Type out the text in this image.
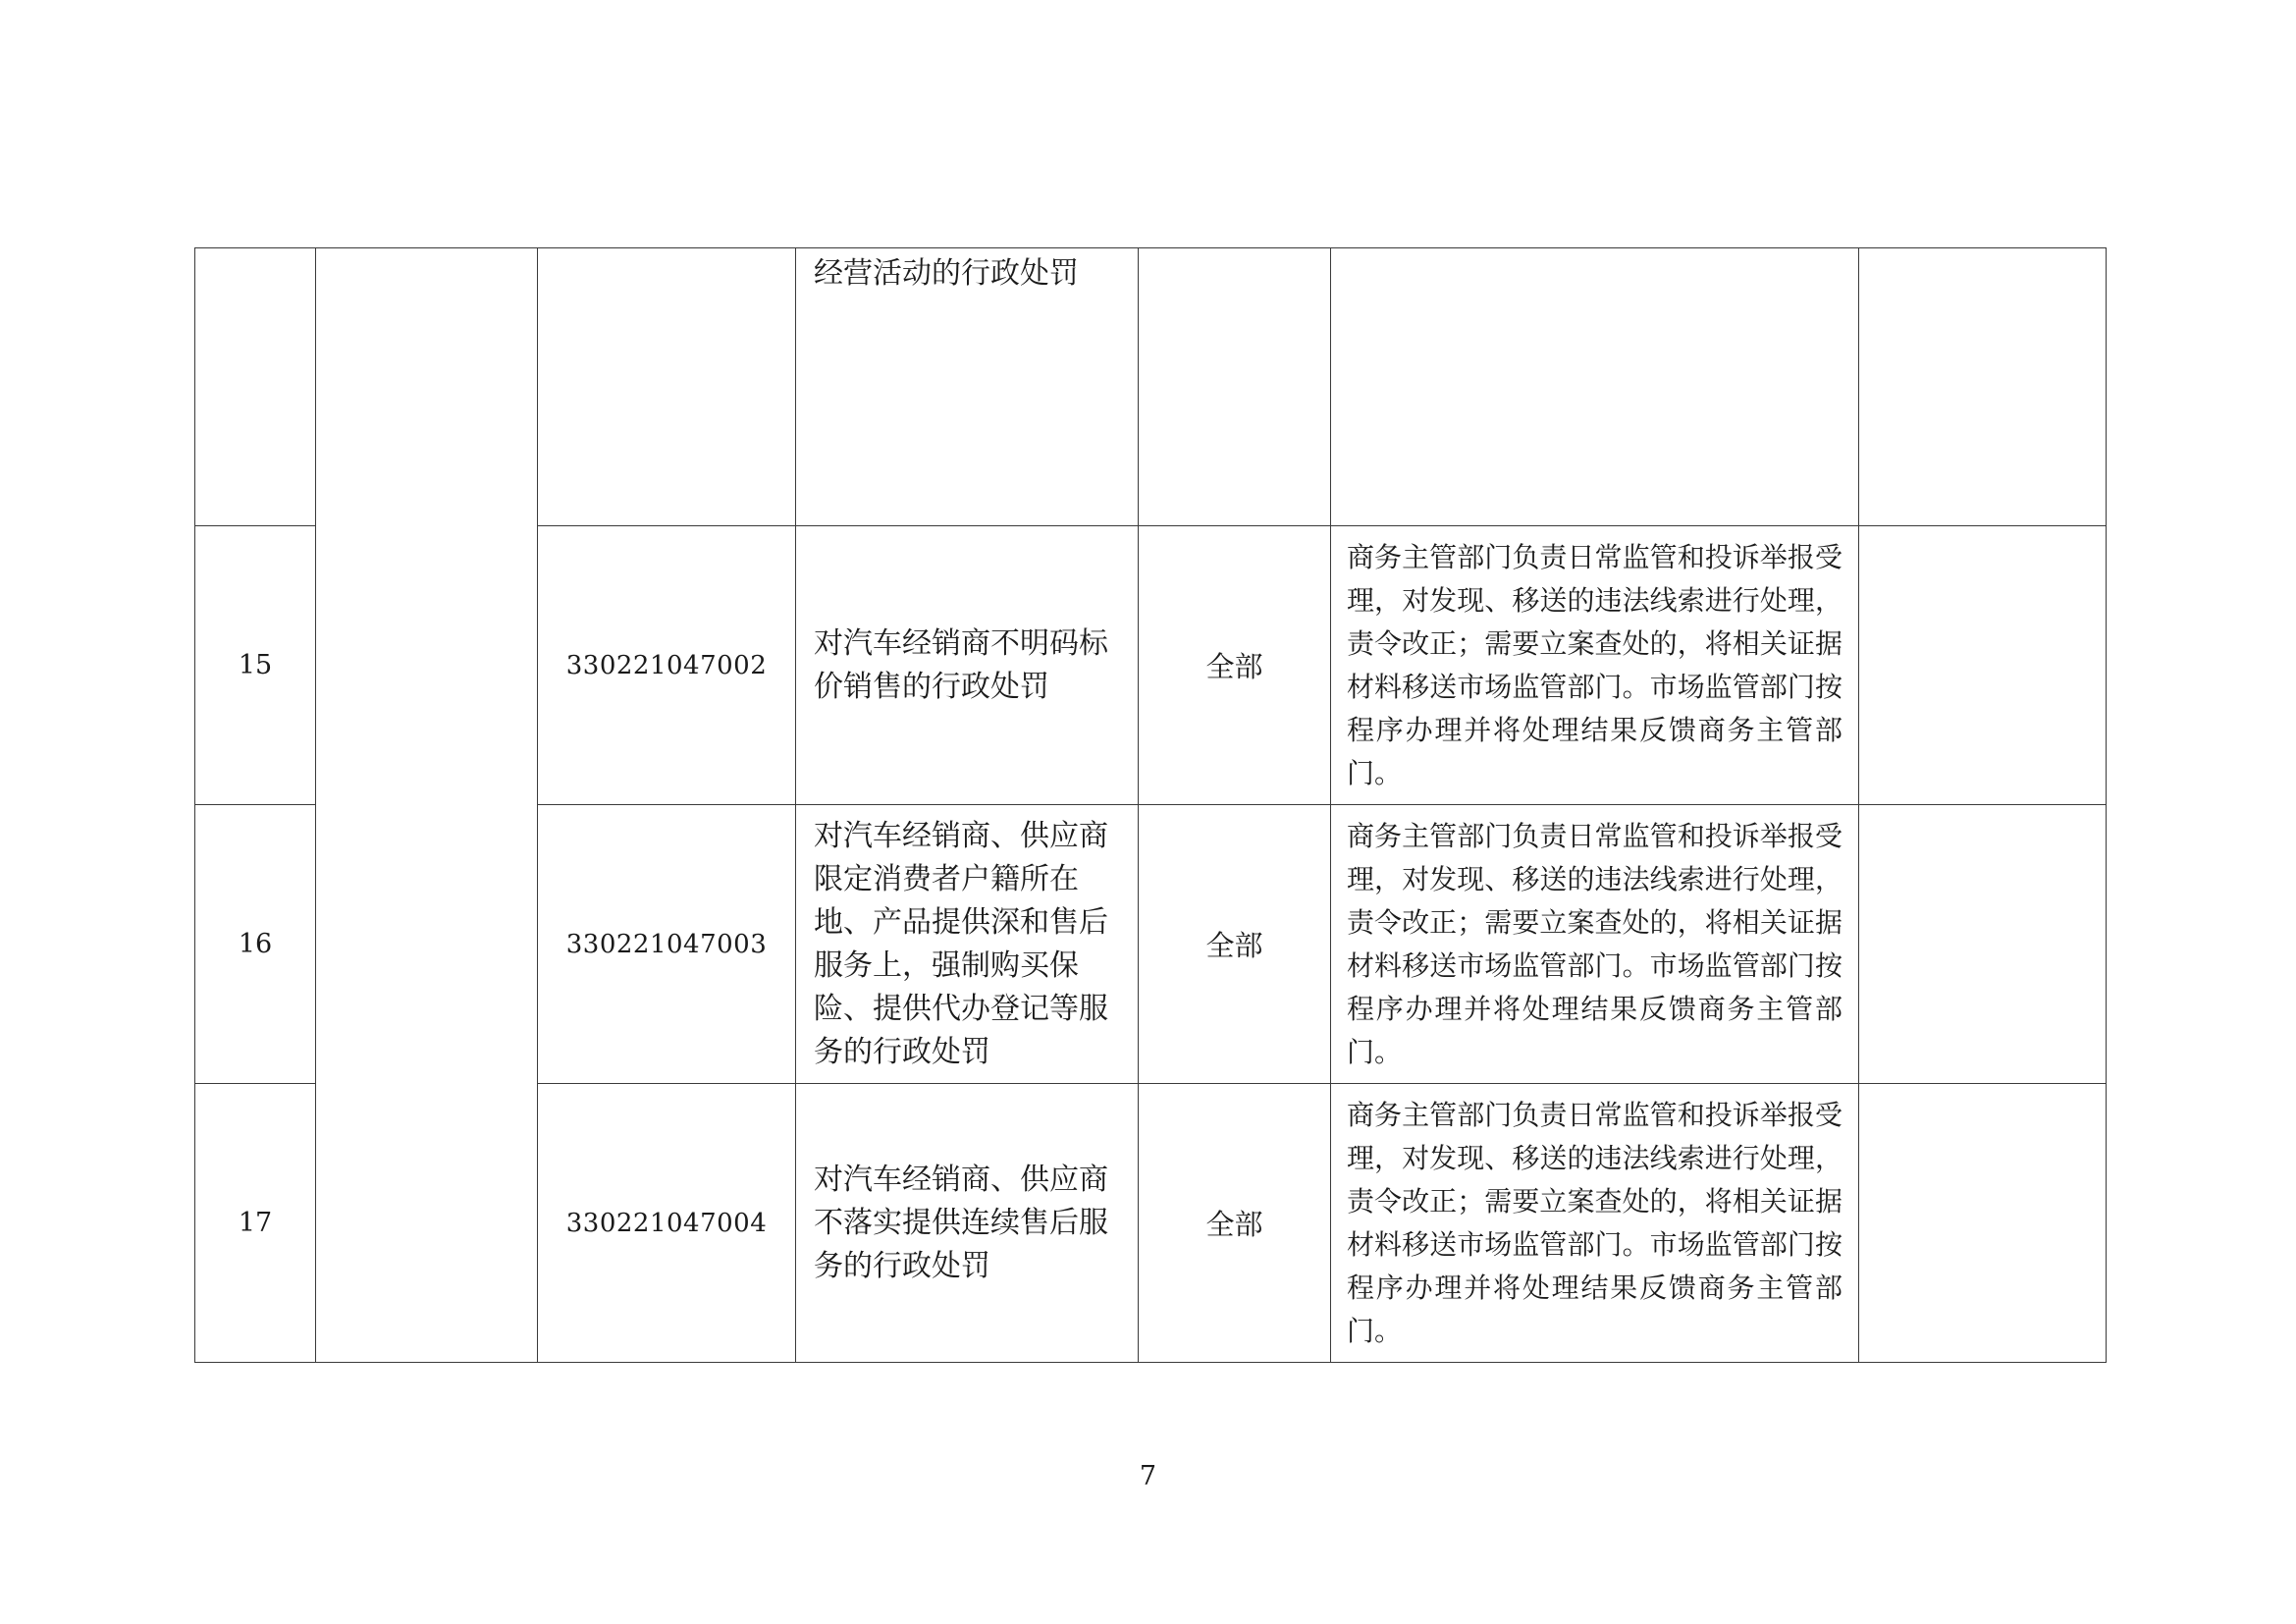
			经营活动的行政处罚			
15		330221047002	对汽车经销商不明码标价销售的行政处罚	全部	商务主管部门负责日常监管和投诉举报受理，对发现、移送的违法线索进行处理，责令改正；需要立案查处的，将相关证据材料移送市场监管部门。市场监管部门按程序办理并将处理结果反馈商务主管部门。	
16		330221047003	对汽车经销商、供应商限定消费者户籍所在地、产品提供深和售后服务上，强制购买保险、提供代办登记等服务的行政处罚	全部	商务主管部门负责日常监管和投诉举报受理，对发现、移送的违法线索进行处理，责令改正；需要立案查处的，将相关证据材料移送市场监管部门。市场监管部门按程序办理并将处理结果反馈商务主管部门。	
17		330221047004	对汽车经销商、供应商不落实提供连续售后服务的行政处罚	全部	商务主管部门负责日常监管和投诉举报受理，对发现、移送的违法线索进行处理，责令改正；需要立案查处的，将相关证据材料移送市场监管部门。市场监管部门按程序办理并将处理结果反馈商务主管部门。	
7
